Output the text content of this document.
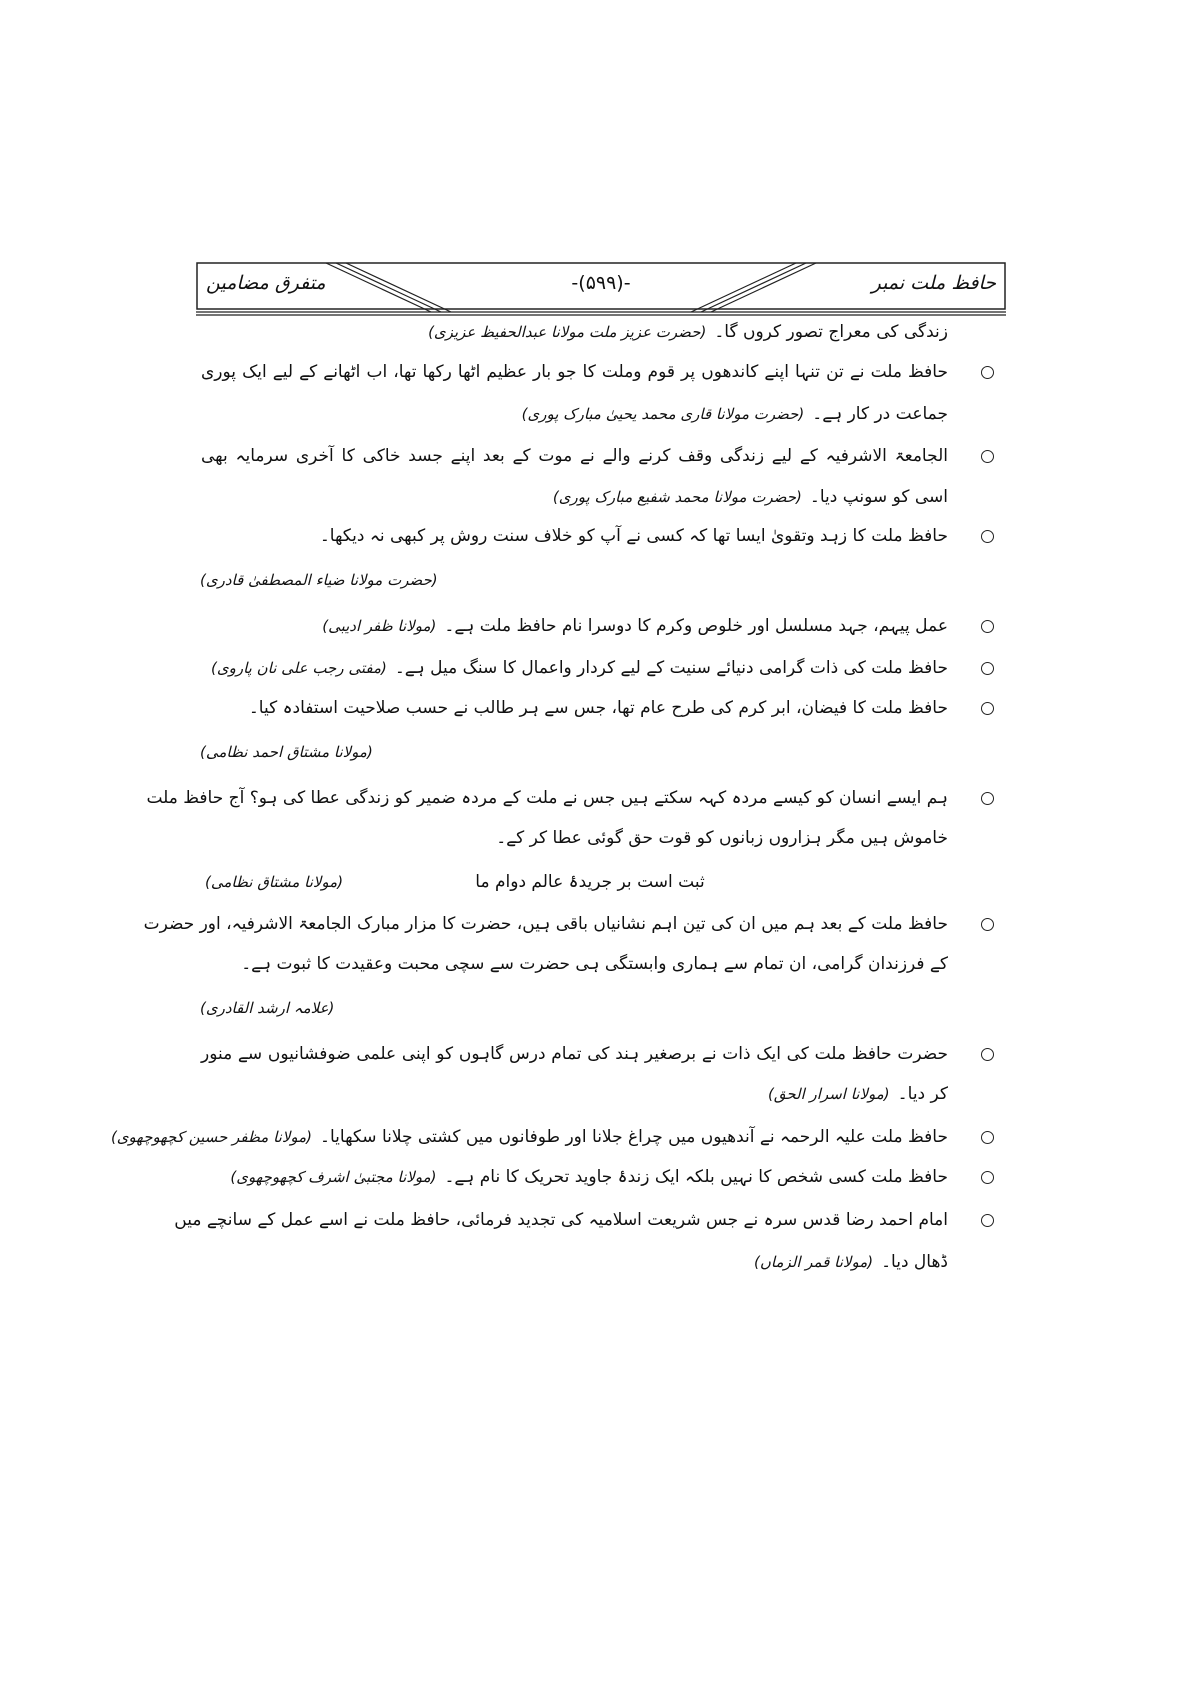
حافظ ملت نمبر
-(۵۹۹)-
متفرق مضامین
زندگی کی معراج تصور کروں گا۔(حضرت عزیز ملت مولانا عبدالحفیظ عزیزی)
حافظ ملت نے تن تنہا اپنے کاندھوں پر قوم وملت کا جو بار عظیم اٹھا رکھا تھا، اب اٹھانے کے لیے ایک پوری
جماعت در کار ہے۔(حضرت مولانا قاری محمد یحییٰ مبارک پوری)
الجامعۃ الاشرفیہ کے لیے زندگی وقف کرنے والے نے موت کے بعد اپنے جسد خاکی کا آخری سرمایہ بھی
اسی کو سونپ دیا۔(حضرت مولانا محمد شفیع مبارک پوری)
حافظ ملت کا زہد وتقویٰ ایسا تھا کہ کسی نے آپ کو خلاف سنت روش پر کبھی نہ دیکھا۔
(حضرت مولانا ضیاء المصطفیٰ قادری)
عمل پیہم، جہد مسلسل اور خلوص وکرم کا دوسرا نام حافظ ملت ہے۔(مولانا ظفر ادیبی)
حافظ ملت کی ذات گرامی دنیائے سنیت کے لیے کردار واعمال کا سنگ میل ہے۔(مفتی رجب علی نان پاروی)
حافظ ملت کا فیضان، ابر کرم کی طرح عام تھا، جس سے ہر طالب نے حسب صلاحیت استفادہ کیا۔
(مولانا مشتاق احمد نظامی)
ہم ایسے انسان کو کیسے مردہ کہہ سکتے ہیں جس نے ملت کے مردہ ضمیر کو زندگی عطا کی ہو؟ آج حافظ ملت
خاموش ہیں مگر ہزاروں زبانوں کو قوت حق گوئی عطا کر کے۔
ثبت است بر جریدۂ عالم دوام ما
(مولانا مشتاق نظامی)
حافظ ملت کے بعد ہم میں ان کی تین اہم نشانیاں باقی ہیں، حضرت کا مزار مبارک الجامعۃ الاشرفیہ، اور حضرت
کے فرزندان گرامی، ان تمام سے ہماری وابستگی ہی حضرت سے سچی محبت وعقیدت کا ثبوت ہے۔
(علامہ ارشد القادری)
حضرت حافظ ملت کی ایک ذات نے برصغیر ہند کی تمام درس گاہوں کو اپنی علمی ضوفشانیوں سے منور
کر دیا۔(مولانا اسرار الحق)
حافظ ملت علیہ الرحمہ نے آندھیوں میں چراغ جلانا اور طوفانوں میں کشتی چلانا سکھایا۔(مولانا مظفر حسین کچھوچھوی)
حافظ ملت کسی شخص کا نہیں بلکہ ایک زندۂ جاوید تحریک کا نام ہے۔(مولانا مجتبیٰ اشرف کچھوچھوی)
امام احمد رضا قدس سرہ نے جس شریعت اسلامیہ کی تجدید فرمائی، حافظ ملت نے اسے عمل کے سانچے میں
ڈھال دیا۔(مولانا قمر الزماں)
